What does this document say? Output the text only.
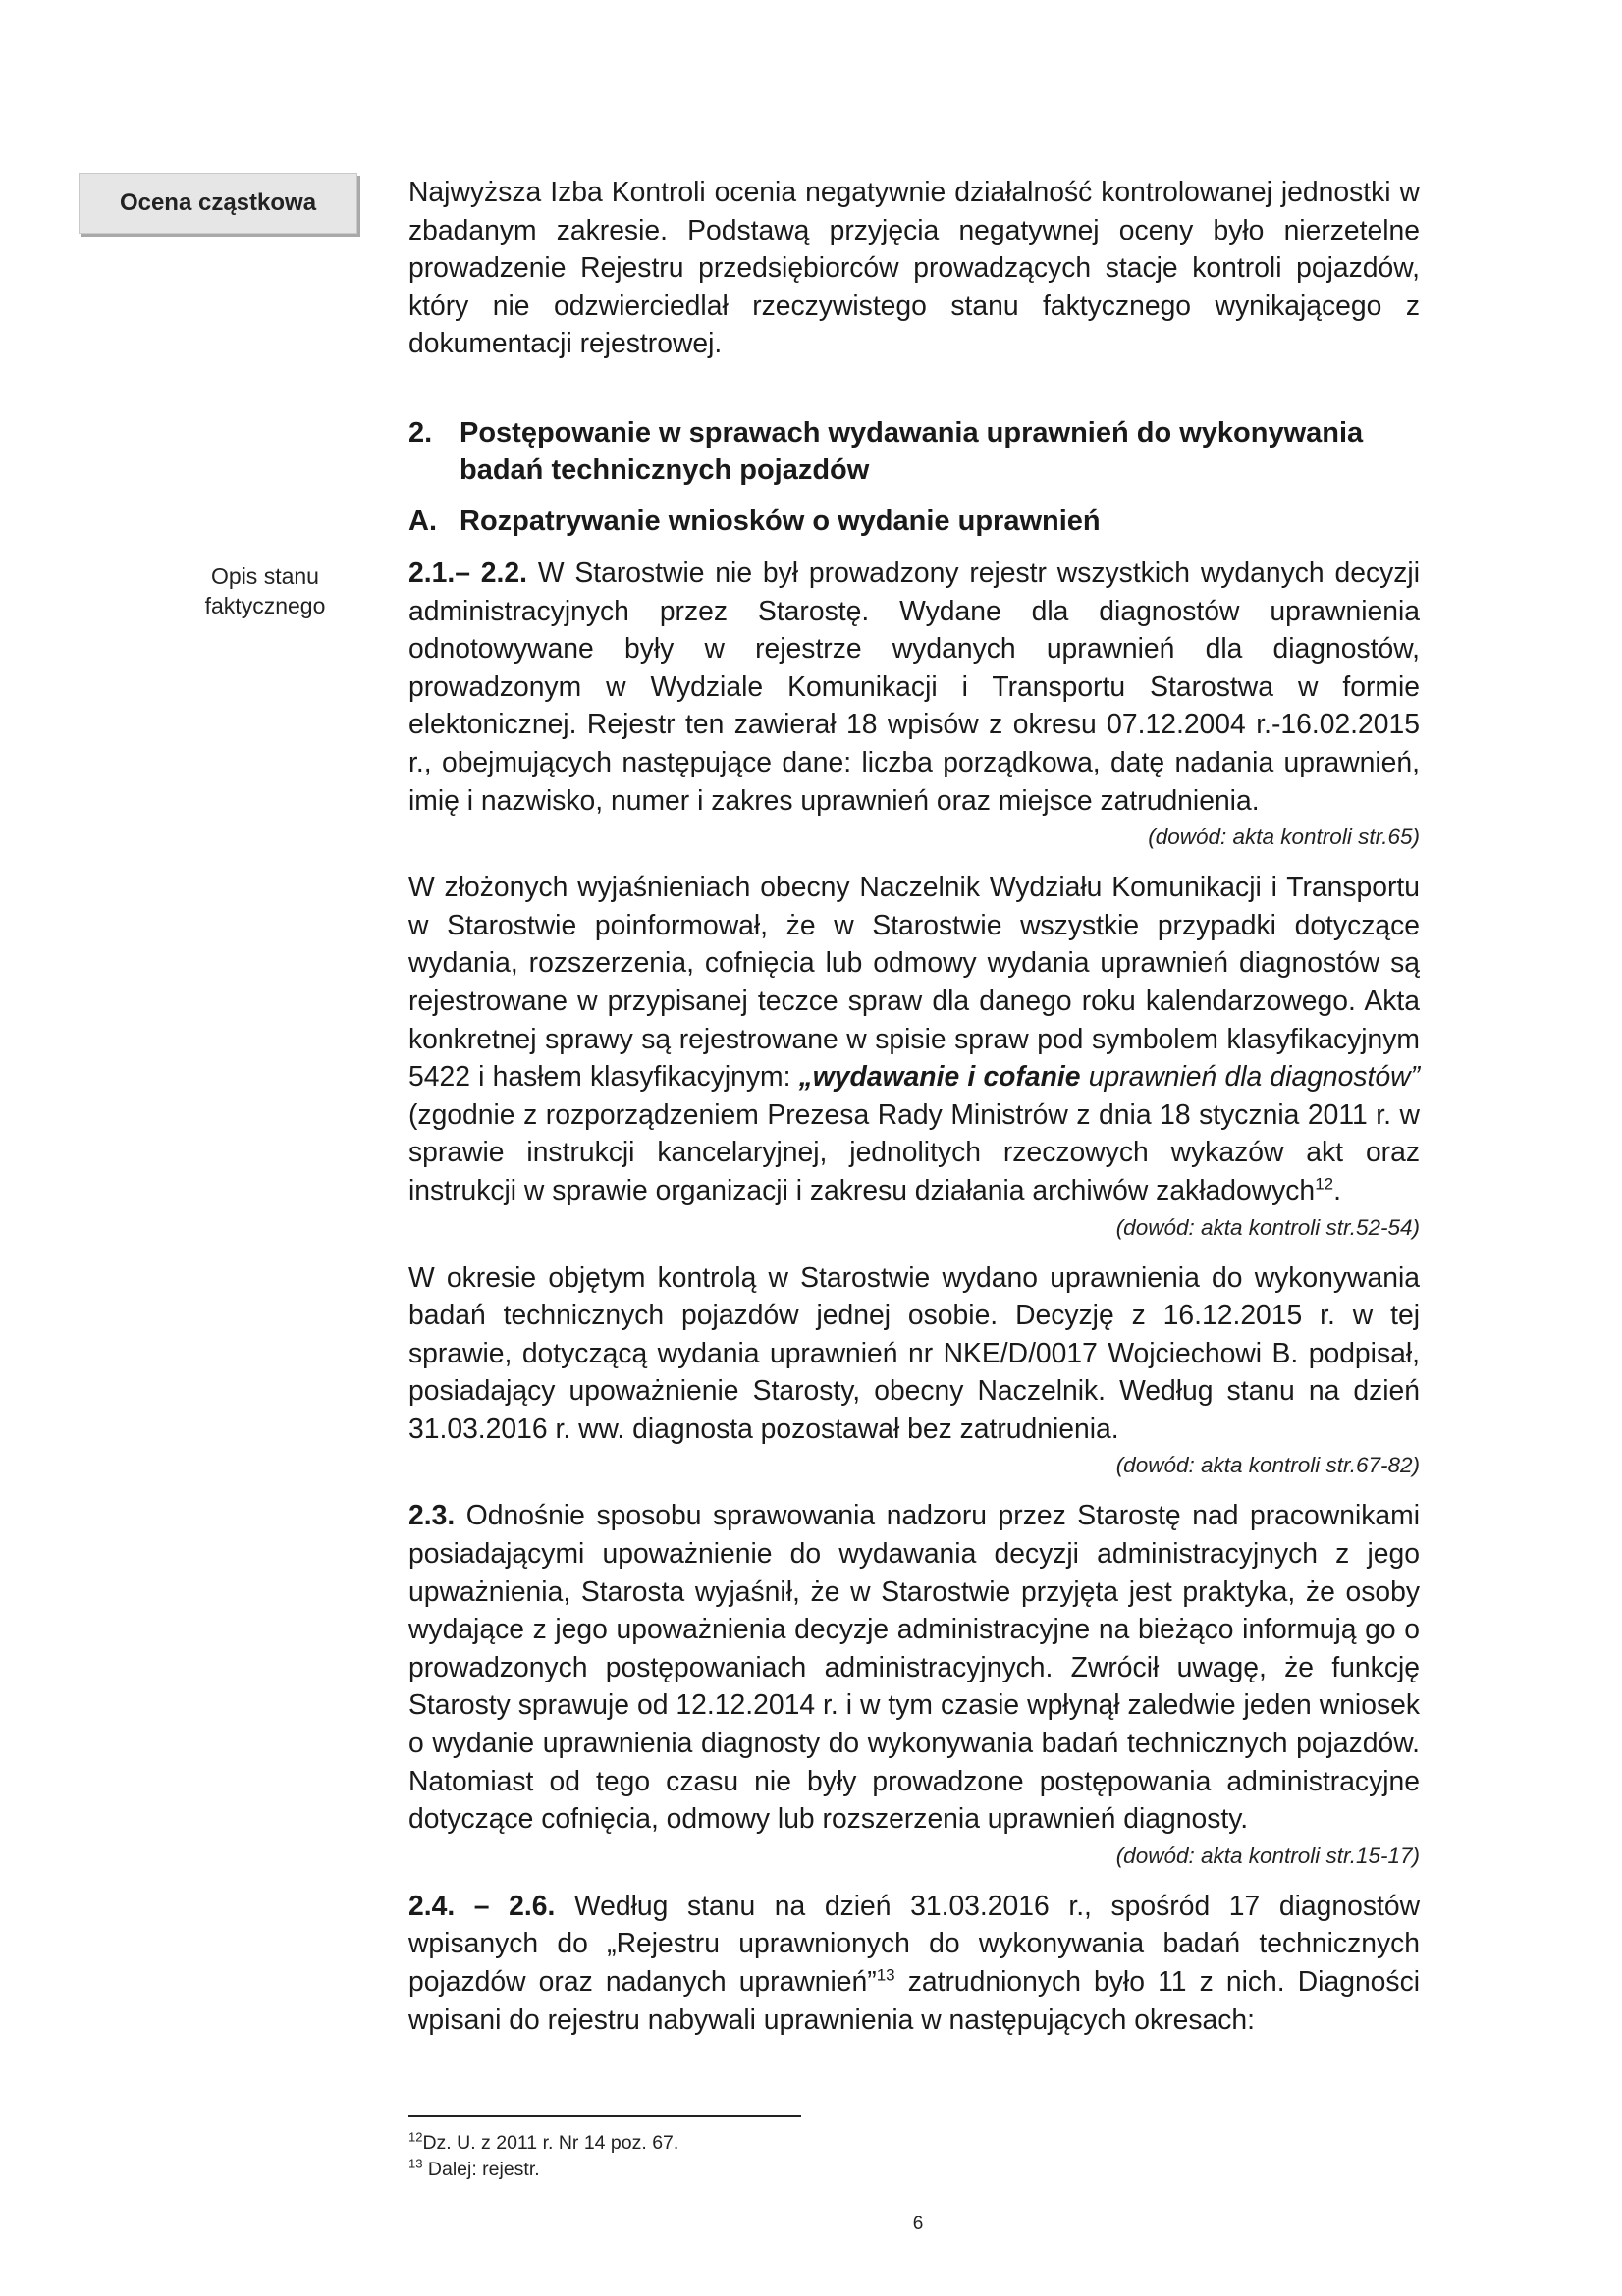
Ocena cząstkowa
Opis stanu
faktycznego

Najwyższa Izba Kontroli ocenia negatywnie działalność kontrolowanej jednostki w zbadanym zakresie. Podstawą przyjęcia negatywnej oceny było nierzetelne prowadzenie Rejestru przedsiębiorców prowadzących stacje kontroli pojazdów, który nie odzwierciedlał rzeczywistego stanu faktycznego wynikającego z dokumentacji rejestrowej.

2. Postępowanie w sprawach wydawania uprawnień do wykonywania badań technicznych pojazdów
A. Rozpatrywanie wniosków o wydanie uprawnień

2.1.– 2.2. W Starostwie nie był prowadzony rejestr wszystkich wydanych decyzji administracyjnych przez Starostę. Wydane dla diagnostów uprawnienia odnotowywane były w rejestrze wydanych uprawnień dla diagnostów, prowadzonym w Wydziale Komunikacji i Transportu Starostwa w formie elektonicznej. Rejestr ten zawierał 18 wpisów z okresu 07.12.2004 r.-16.02.2015 r., obejmujących następujące dane: liczba porządkowa, datę nadania uprawnień, imię i nazwisko, numer i zakres uprawnień oraz miejsce zatrudnienia.

(dowód: akta kontroli str.65)

W złożonych wyjaśnieniach obecny Naczelnik Wydziału Komunikacji i Transportu w Starostwie poinformował, że w Starostwie wszystkie przypadki dotyczące wydania, rozszerzenia, cofnięcia lub odmowy wydania uprawnień diagnostów są rejestrowane w przypisanej teczce spraw dla danego roku kalendarzowego. Akta konkretnej sprawy są rejestrowane w spisie spraw pod symbolem klasyfikacyjnym 5422 i hasłem klasyfikacyjnym: „wydawanie i cofanie uprawnień dla diagnostów” (zgodnie z rozporządzeniem Prezesa Rady Ministrów z dnia 18 stycznia 2011 r. w sprawie instrukcji kancelaryjnej, jednolitych rzeczowych wykazów akt oraz instrukcji w sprawie organizacji i zakresu działania archiwów zakładowych$^{12}$.

(dowód: akta kontroli str.52-54)

W okresie objętym kontrolą w Starostwie wydano uprawnienia do wykonywania badań technicznych pojazdów jednej osobie. Decyzję z 16.12.2015 r. w tej sprawie, dotyczącą wydania uprawnień nr NKE/D/0017 Wojciechowi B. podpisał, posiadający upoważnienie Starosty, obecny Naczelnik. Według stanu na dzień 31.03.2016 r. ww. diagnosta pozostawał bez zatrudnienia.

(dowód: akta kontroli str.67-82)

2.3. Odnośnie sposobu sprawowania nadzoru przez Starostę nad pracownikami posiadającymi upoważnienie do wydawania decyzji administracyjnych z jego upważnienia, Starosta wyjaśnił, że w Starostwie przyjęta jest praktyka, że osoby wydające z jego upoważnienia decyzje administracyjne na bieżąco informują go o prowadzonych postępowaniach administracyjnych. Zwrócił uwagę, że funkcję Starosty sprawuje od 12.12.2014 r. i w tym czasie wpłynął zaledwie jeden wniosek o wydanie uprawnienia diagnosty do wykonywania badań technicznych pojazdów. Natomiast od tego czasu nie były prowadzone postępowania administracyjne dotyczące cofnięcia, odmowy lub rozszerzenia uprawnień diagnosty.

(dowód: akta kontroli str.15-17)

2.4. – 2.6. Według stanu na dzień 31.03.2016 r., spośród 17 diagnostów wpisanych do „Rejestru uprawnionych do wykonywania badań technicznych pojazdów oraz nadanych uprawnień”$^{13}$ zatrudnionych było 11 z nich. Diagności wpisani do rejestru nabywali uprawnienia w następujących okresach:

$^{12}$Dz. U. z 2011 r. Nr 14 poz. 67.
$^{13}$ Dalej: rejestr.
6
